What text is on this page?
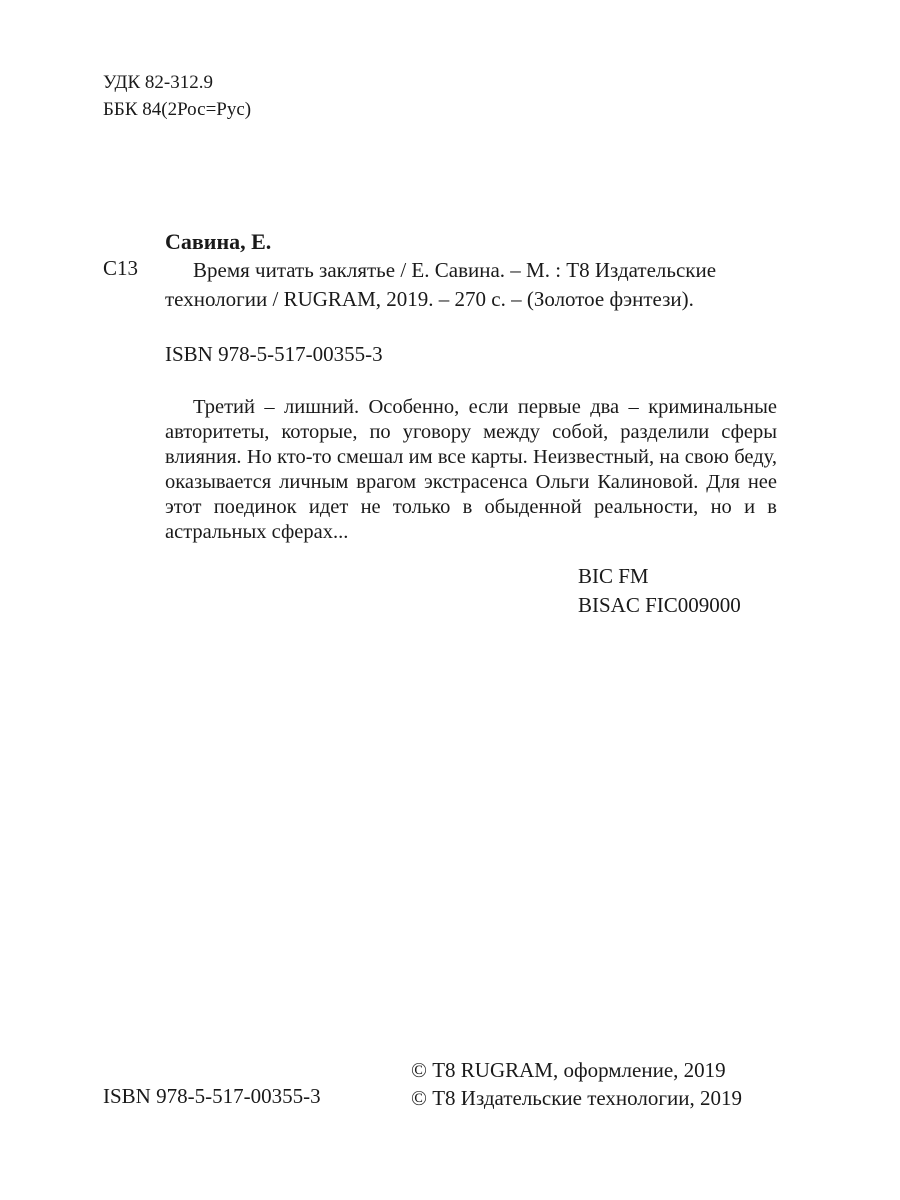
УДК 82-312.9
ББК 84(2Рос=Рус)
Савина, Е.
С13	Время читать заклятье / Е. Савина. – М. : Т8 Издательские
технологии / RUGRAM, 2019. – 270 с. – (Золотое фэнтези).
ISBN 978-5-517-00355-3
Третий – лишний. Особенно, если первые два – криминальные авторитеты, которые, по уговору между собой, разделили сферы влияния. Но кто-то смешал им все карты. Неизвестный, на свою беду, оказывается личным врагом экстрасенса Ольги Калиновой. Для нее этот поединок идет не только в обыденной реальности, но и в астральных сферах...
BIC FM
BISAC FIC009000
© Т8 RUGRAM, оформление, 2019
© Т8 Издательские технологии, 2019
ISBN 978-5-517-00355-3
